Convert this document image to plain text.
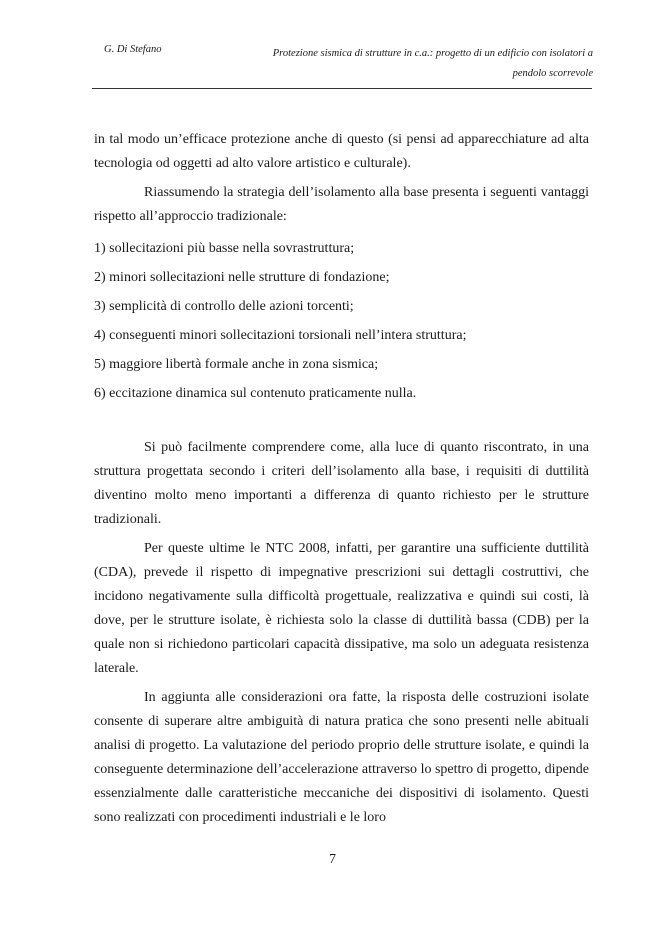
G. Di Stefano	Protezione sismica di strutture in c.a.: progetto di un edificio con isolatori a pendolo scorrevole

in tal modo un’efficace protezione anche di questo (si pensi ad apparecchiature ad alta tecnologia od oggetti ad alto valore artistico e culturale).

Riassumendo la strategia dell’isolamento alla base presenta i seguenti vantaggi rispetto all’approccio tradizionale:

1) sollecitazioni più basse nella sovrastruttura;

2) minori sollecitazioni nelle strutture di fondazione;

3) semplicità di controllo delle azioni torcenti;

4) conseguenti minori sollecitazioni torsionali nell’intera struttura;

5) maggiore libertà formale anche in zona sismica;

6) eccitazione dinamica sul contenuto praticamente nulla.

Si può facilmente comprendere come, alla luce di quanto riscontrato, in una struttura progettata secondo i criteri dell’isolamento alla base, i requisiti di duttilità diventino molto meno importanti a differenza di quanto richiesto per le strutture tradizionali.

Per queste ultime le NTC 2008, infatti, per garantire una sufficiente duttilità (CDA), prevede il rispetto di impegnative prescrizioni sui dettagli costruttivi, che incidono negativamente sulla difficoltà progettuale, realizzativa e quindi sui costi, là dove, per le strutture isolate, è richiesta solo la classe di duttilità bassa (CDB) per la quale non si richiedono particolari capacità dissipative, ma solo un adeguata resistenza laterale.

In aggiunta alle considerazioni ora fatte, la risposta delle costruzioni isolate consente di superare altre ambiguità di natura pratica che sono presenti nelle abituali analisi di progetto. La valutazione del periodo proprio delle strutture isolate, e quindi la conseguente determinazione dell’accelerazione attraverso lo spettro di progetto, dipende essenzialmente dalle caratteristiche meccaniche dei dispositivi di isolamento. Questi sono realizzati con procedimenti industriali e le loro

7
